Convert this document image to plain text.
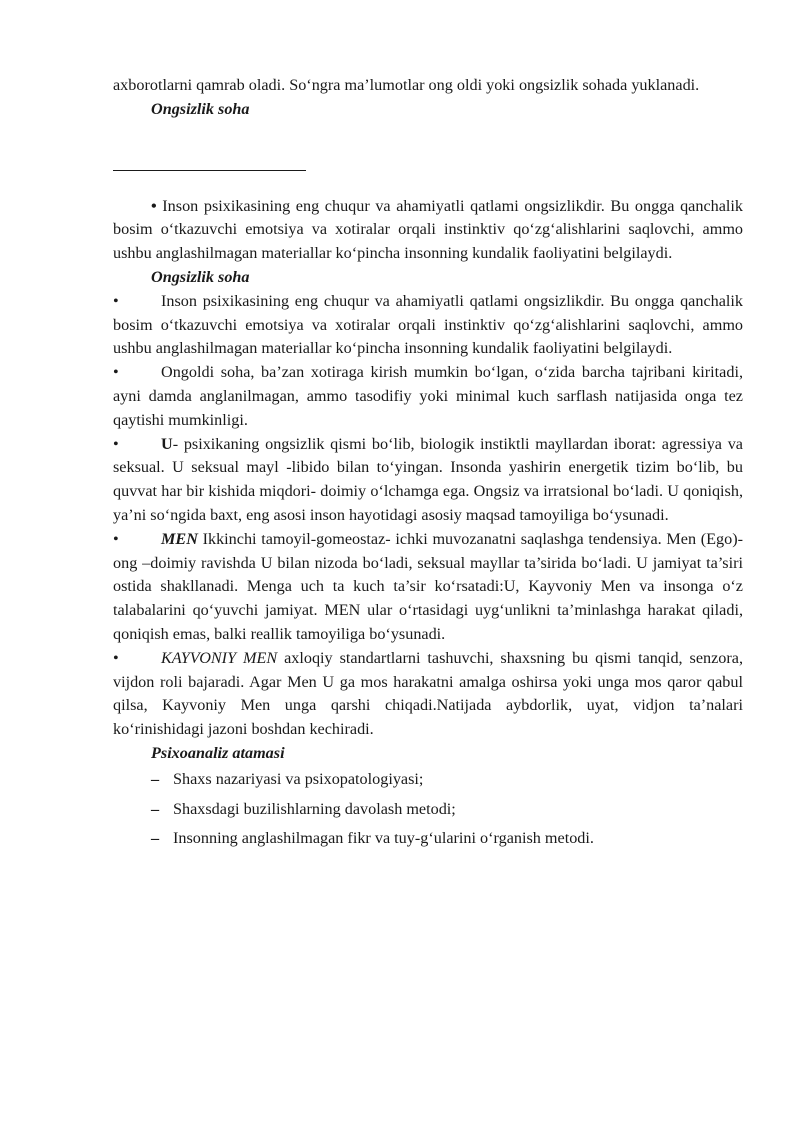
axborotlarni qamrab oladi. So‘ngra ma’lumotlar ong oldi yoki ongsizlik sohada yuklanadi.

Ongsizlik soha

• Inson psixikasining eng chuqur va ahamiyatli qatlami ongsizlikdir. Bu ongga qanchalik bosim o‘tkazuvchi emotsiya va xotiralar orqali instinktiv qo‘zg‘alishlarini saqlovchi, ammo ushbu anglashilmagan materiallar ko‘pincha insonning kundalik faoliyatini belgilaydi.

Ongsizlik soha

•	Inson psixikasining eng chuqur va ahamiyatli qatlami ongsizlikdir. Bu ongga qanchalik bosim o‘tkazuvchi emotsiya va xotiralar orqali instinktiv qo‘zg‘alishlarini saqlovchi, ammo ushbu anglashilmagan materiallar ko‘pincha insonning kundalik faoliyatini belgilaydi.

•	Ongoldi soha, ba’zan xotiraga kirish mumkin bo‘lgan, o‘zida barcha tajribani kiritadi, ayni damda anglanilmagan, ammo tasodifiy yoki minimal kuch sarflash natijasida onga tez qaytishi mumkinligi.

•	U- psixikaning ongsizlik qismi bo‘lib, biologik instiktli mayllardan iborat: agressiya va seksual. U seksual mayl -libido bilan to‘yingan. Insonda yashirin energetik tizim bo‘lib, bu quvvat har bir kishida miqdori- doimiy o‘lchamga ega. Ongsiz va irratsional bo‘ladi. U qoniqish, ya’ni so‘ngida baxt, eng asosi inson hayotidagi asosiy maqsad tamoyiliga bo‘ysunadi.

•	MEN Ikkinchi tamoyil-gomeostaz- ichki muvozanatni saqlashga tendensiya. Men (Ego)-ong –doimiy ravishda U bilan nizoda bo‘ladi, seksual mayllar ta’sirida bo‘ladi. U jamiyat ta’siri ostida shakllanadi. Menga uch ta kuch ta’sir ko‘rsatadi:U, Kayvoniy Men va insonga o‘z talabalarini qo‘yuvchi jamiyat. MEN ular o‘rtasidagi uyg‘unlikni ta’minlashga harakat qiladi, qoniqish emas, balki reallik tamoyiliga bo‘ysunadi.

•	KAYVONIY MEN axloqiy standartlarni tashuvchi, shaxsning bu qismi tanqid, senzora, vijdon roli bajaradi. Agar Men U ga mos harakatni amalga oshirsa yoki unga mos qaror qabul qilsa, Kayvoniy Men unga qarshi chiqadi.Natijada aybdorlik, uyat, vidjon ta’nalari ko‘rinishidagi jazoni boshdan kechiradi.

Psixoanaliz atamasi

– Shaxs nazariyasi va psixopatologiyasi;

– Shaxsdagi buzilishlarning davolash metodi;

– Insonning anglashilmagan fikr va tuy-g‘ularini o‘rganish metodi.
